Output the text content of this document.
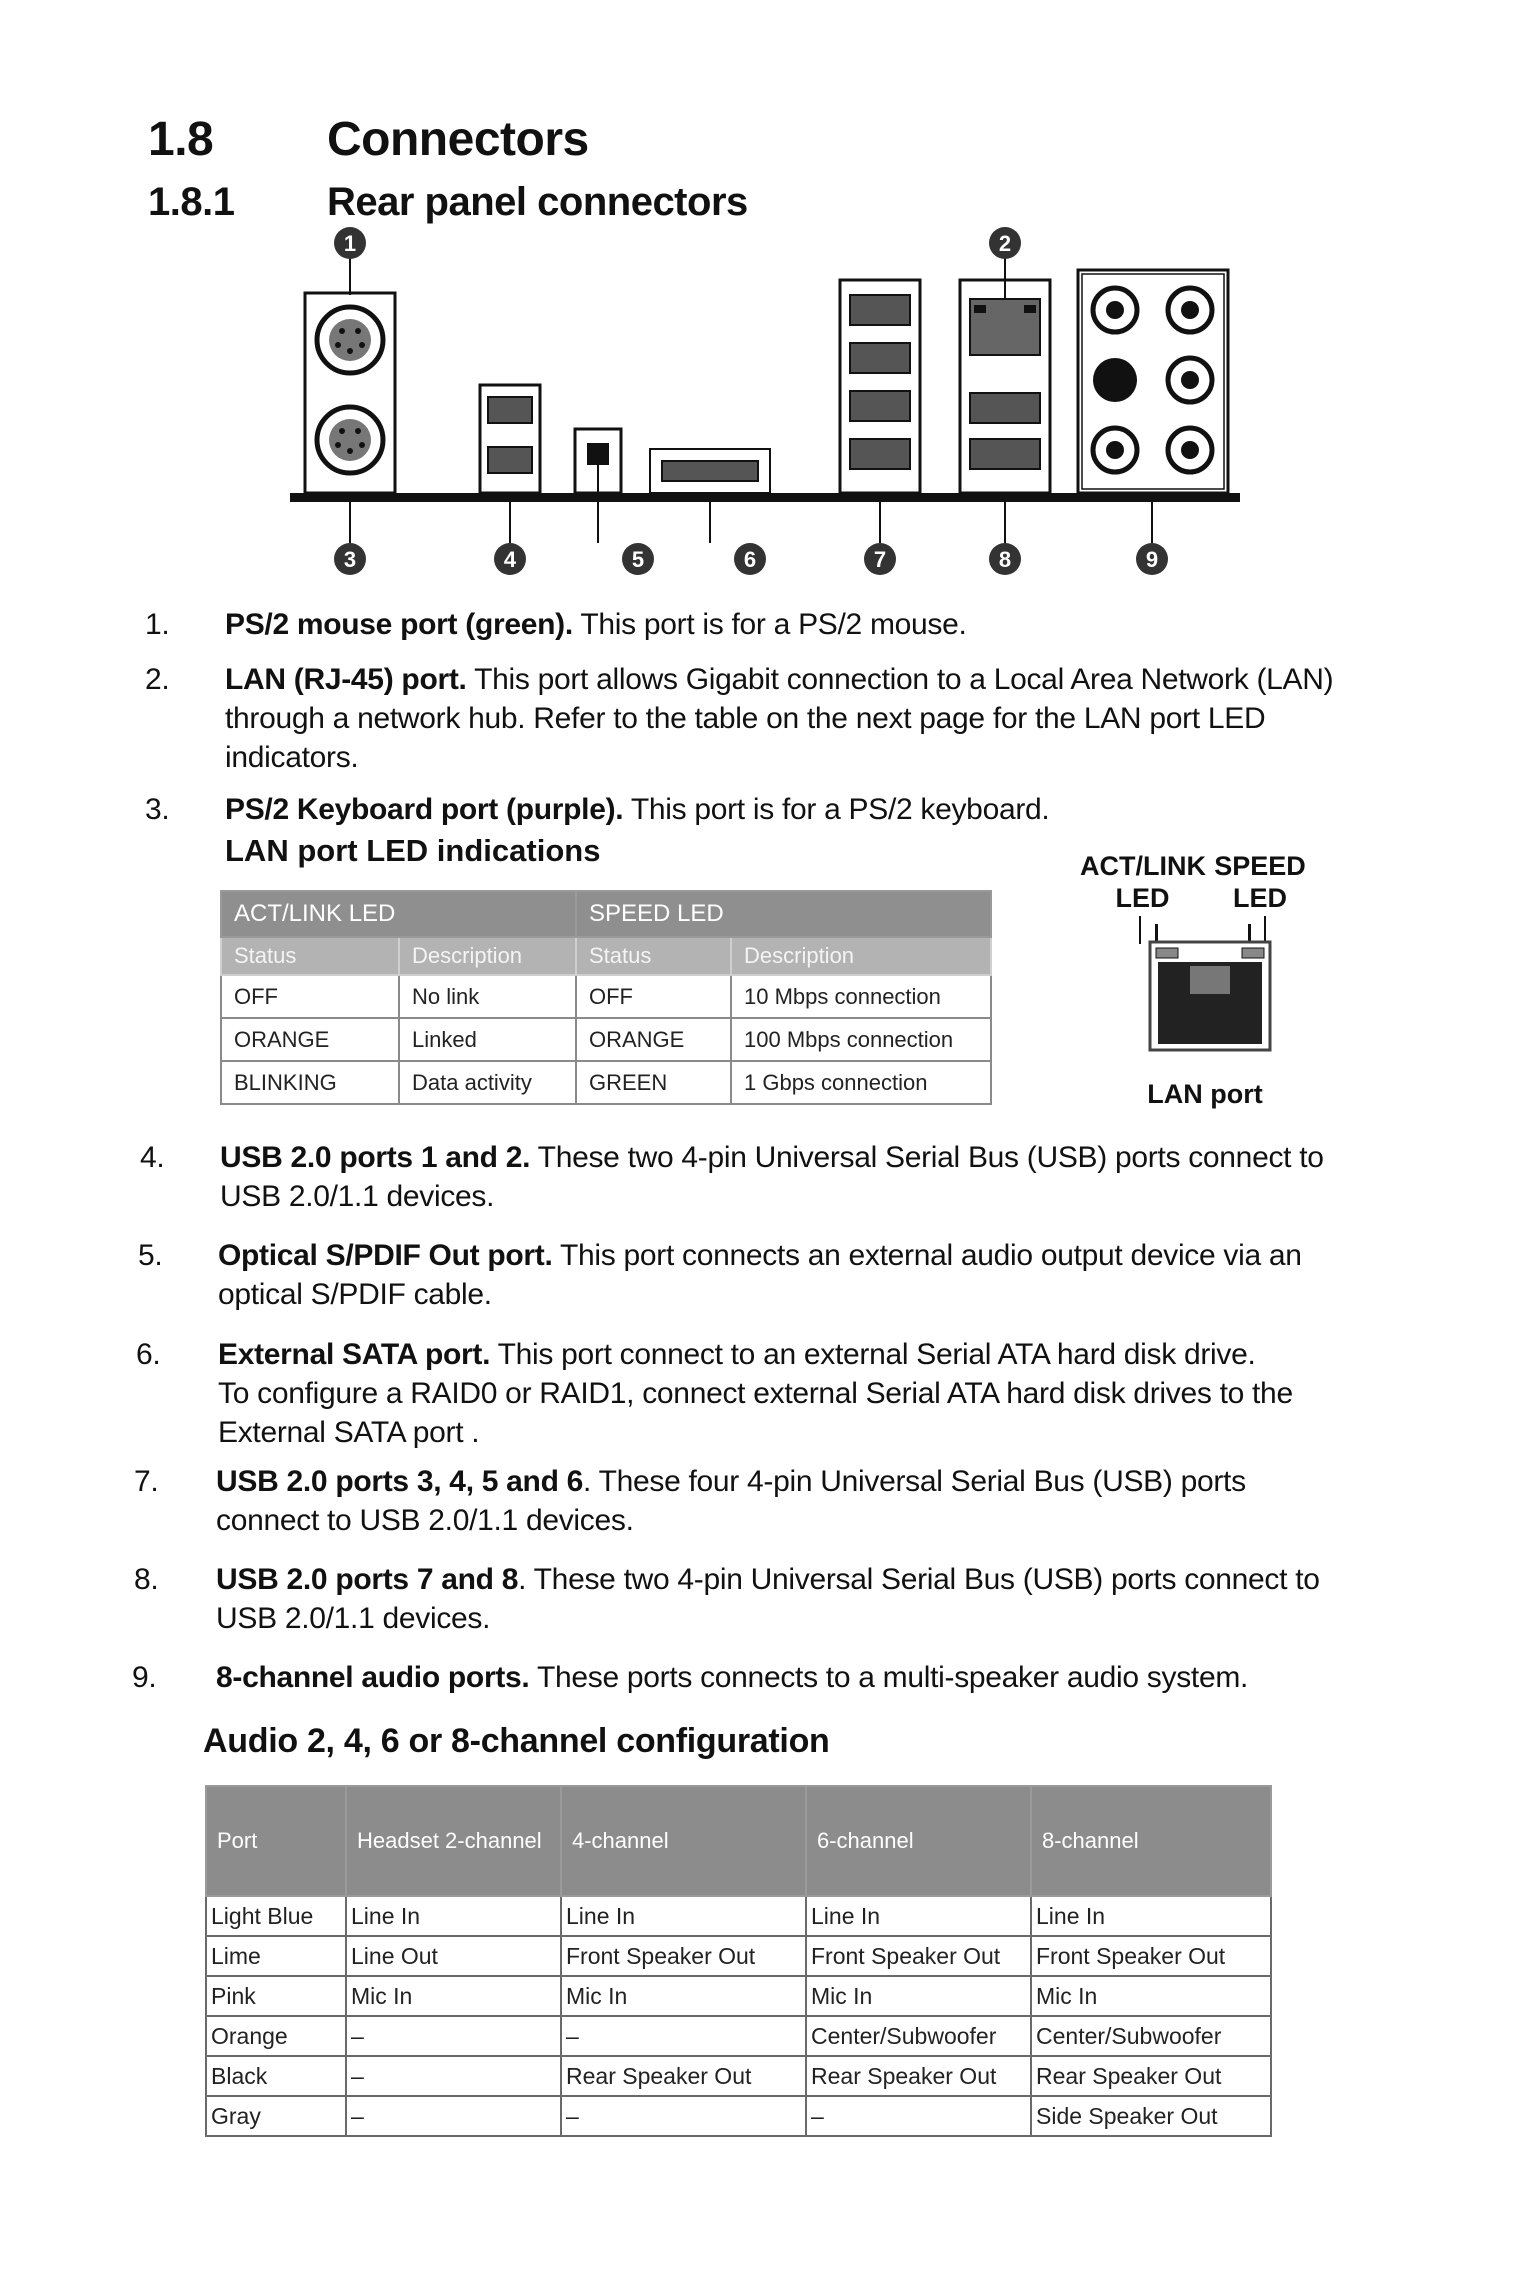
1.8 Connectors
1.8.1 Rear panel connectors
1	2
3	4	5	6	7	8	9
1. PS/2 mouse port (green). This port is for a PS/2 mouse.
2. LAN (RJ-45) port. This port allows Gigabit connection to a Local Area Network (LAN)
through a network hub. Refer to the table on the next page for the LAN port LED
indicators.
3. PS/2 Keyboard port (purple). This port is for a PS/2 keyboard.
LAN port LED indications
ACT/LINK LED		SPEED LED	
Status	Description	Status	Description
OFF	No link	OFF	10 Mbps connection
ORANGE	Linked	ORANGE	100 Mbps connection
BLINKING	Data activity	GREEN	1 Gbps connection
ACT/LINK
LED
SPEED
LED
LAN port
4. USB 2.0 ports 1 and 2. These two 4-pin Universal Serial Bus (USB) ports connect to
USB 2.0/1.1 devices.
5. Optical S/PDIF Out port. This port connects an external audio output device via an
optical S/PDIF cable.
6. External SATA port. This port connect to an external Serial ATA hard disk drive.
To configure a RAID0 or RAID1, connect external Serial ATA hard disk drives to the
External SATA port .
7. USB 2.0 ports 3, 4, 5 and 6. These four 4-pin Universal Serial Bus (USB) ports
connect to USB 2.0/1.1 devices.
8. USB 2.0 ports 7 and 8. These two 4-pin Universal Serial Bus (USB) ports connect to
USB 2.0/1.1 devices.
9. 8-channel audio ports. These ports connects to a multi-speaker audio system.
Audio 2, 4, 6 or 8-channel configuration
Port	Headset 2-channel	4-channel	6-channel	8-channel
Light Blue	Line In	Line In	Line In	Line In
Lime	Line Out	Front Speaker Out	Front Speaker Out	Front Speaker Out
Pink	Mic In	Mic In	Mic In	Mic In
Orange	–	–	Center/Subwoofer	Center/Subwoofer
Black	–	Rear Speaker Out	Rear Speaker Out	Rear Speaker Out
Gray	–	–	–	Side Speaker Out
